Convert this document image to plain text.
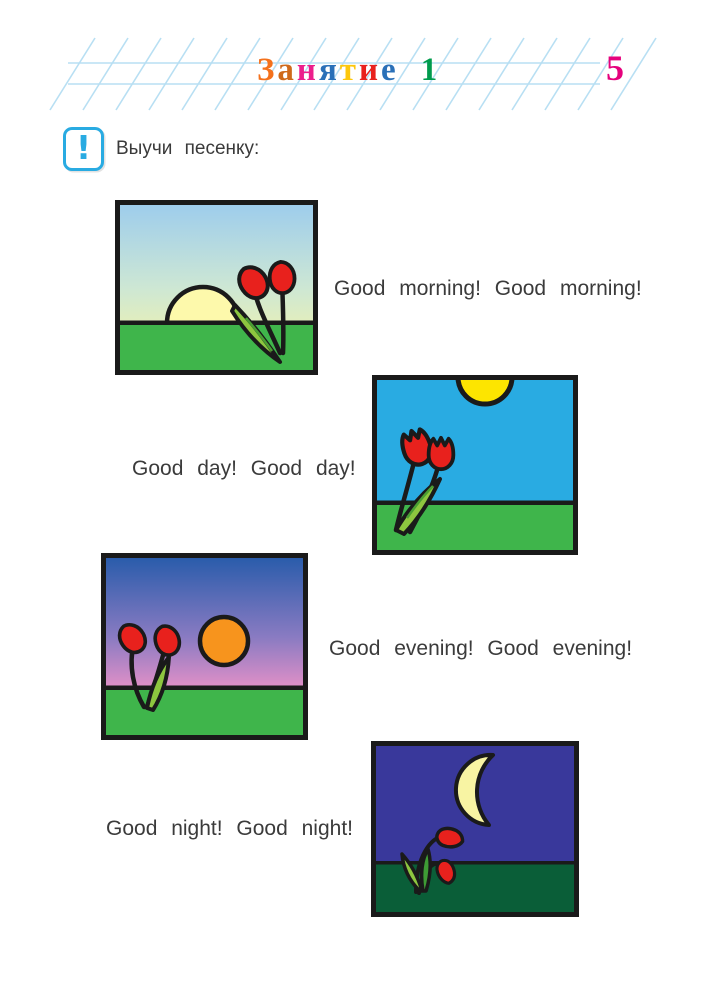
Занятие 1	5
! Выучи песенку:
Good morning! Good morning!
Good day! Good day!
Good evening! Good evening!
Good night! Good night!
